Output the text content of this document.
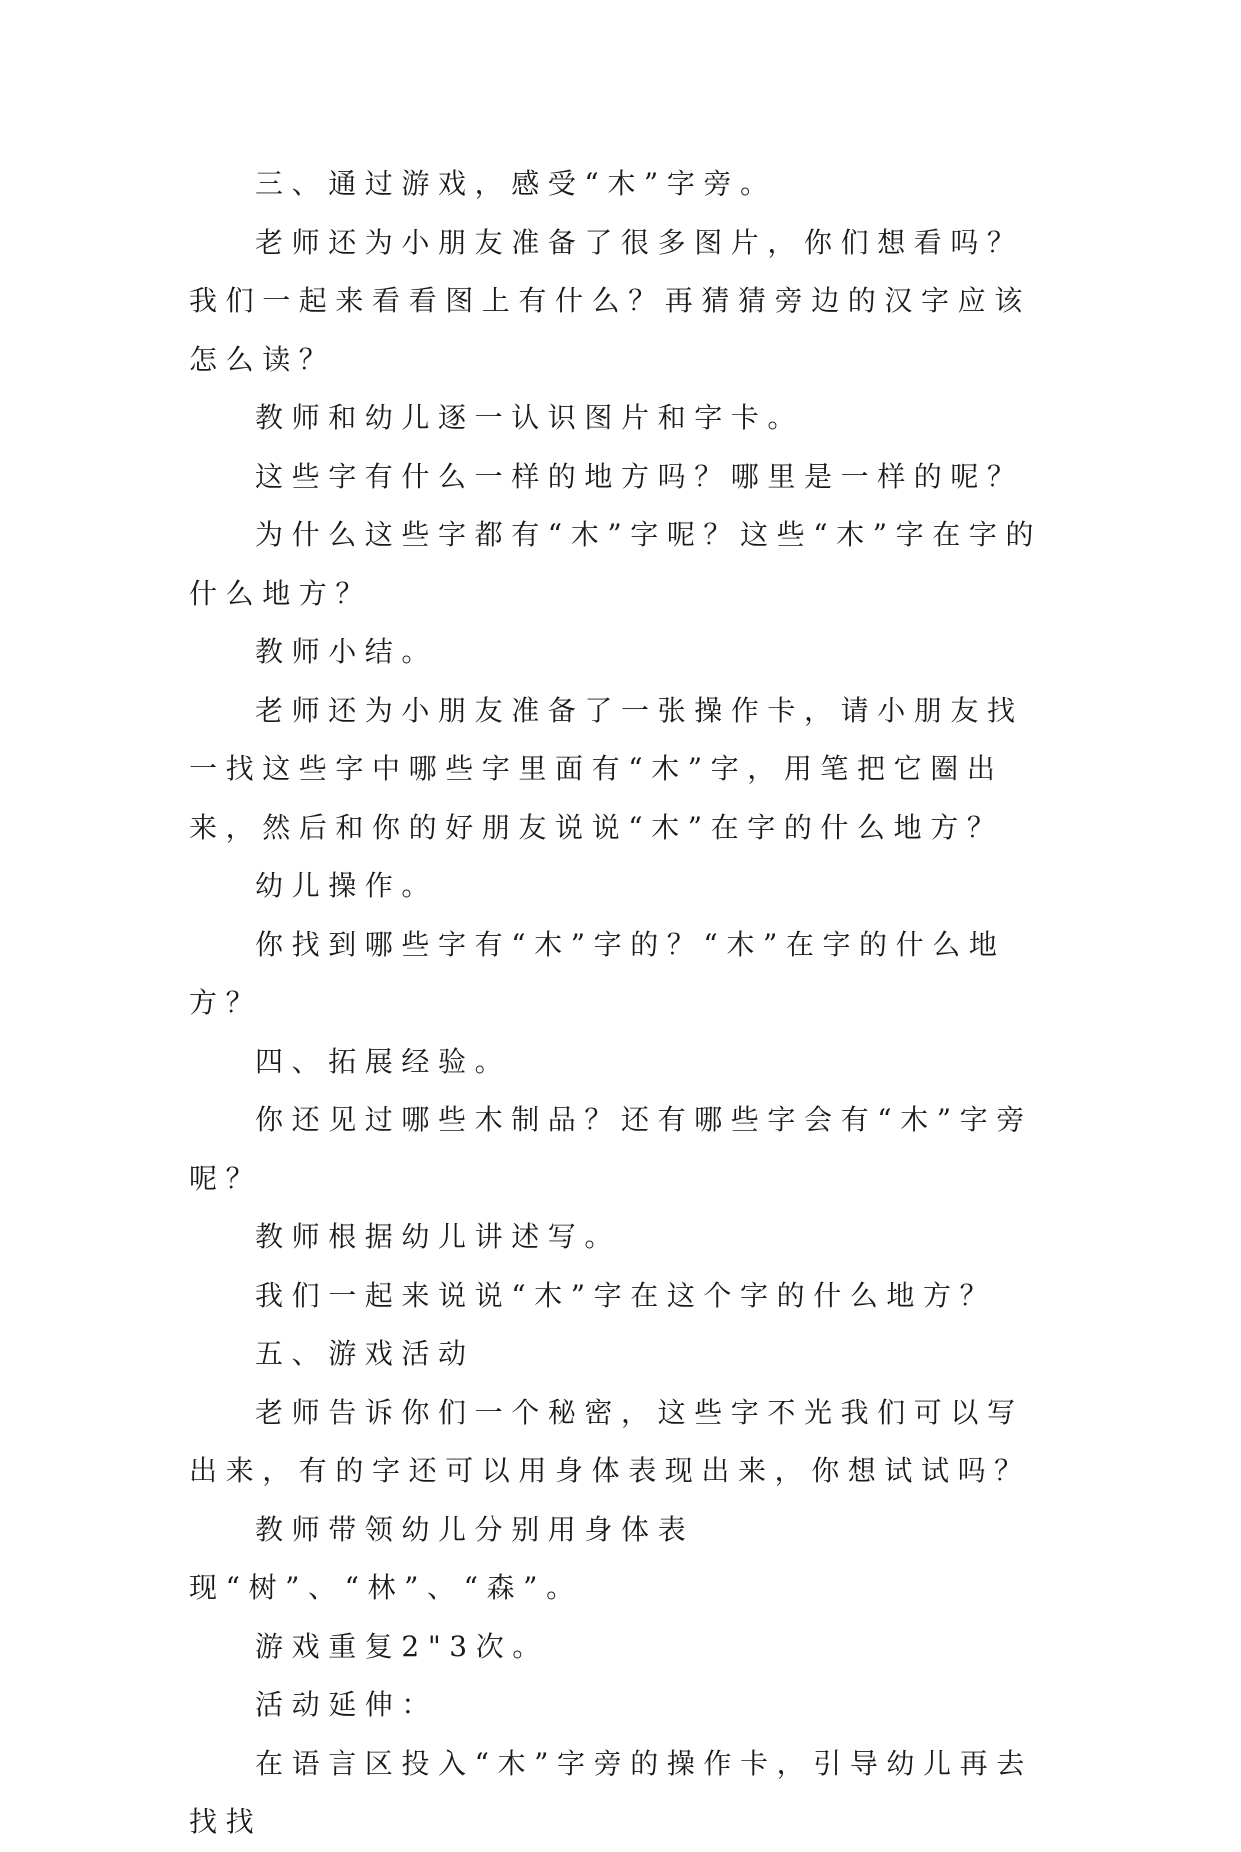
三、通过游戏，感受“木”字旁。

老师还为小朋友准备了很多图片，你们想看吗？我们一起来看看图上有什么？再猜猜旁边的汉字应该怎么读？

教师和幼儿逐一认识图片和字卡。

这些字有什么一样的地方吗？哪里是一样的呢？

为什么这些字都有“木”字呢？这些“木”字在字的什么地方？

教师小结。

老师还为小朋友准备了一张操作卡，请小朋友找一找这些字中哪些字里面有“木”字，用笔把它圈出来，然后和你的好朋友说说“木”在字的什么地方？

幼儿操作。

你找到哪些字有“木”字的？“木”在字的什么地方？

四、拓展经验。

你还见过哪些木制品？还有哪些字会有“木”字旁呢？

教师根据幼儿讲述写。

我们一起来说说“木”字在这个字的什么地方？

五、游戏活动

老师告诉你们一个秘密，这些字不光我们可以写出来，有的字还可以用身体表现出来，你想试试吗？

教师带领幼儿分别用身体表现“树”、“林”、“森”。

游戏重复2"3次。

活动延伸：

在语言区投入“木”字旁的操作卡，引导幼儿再去找找
